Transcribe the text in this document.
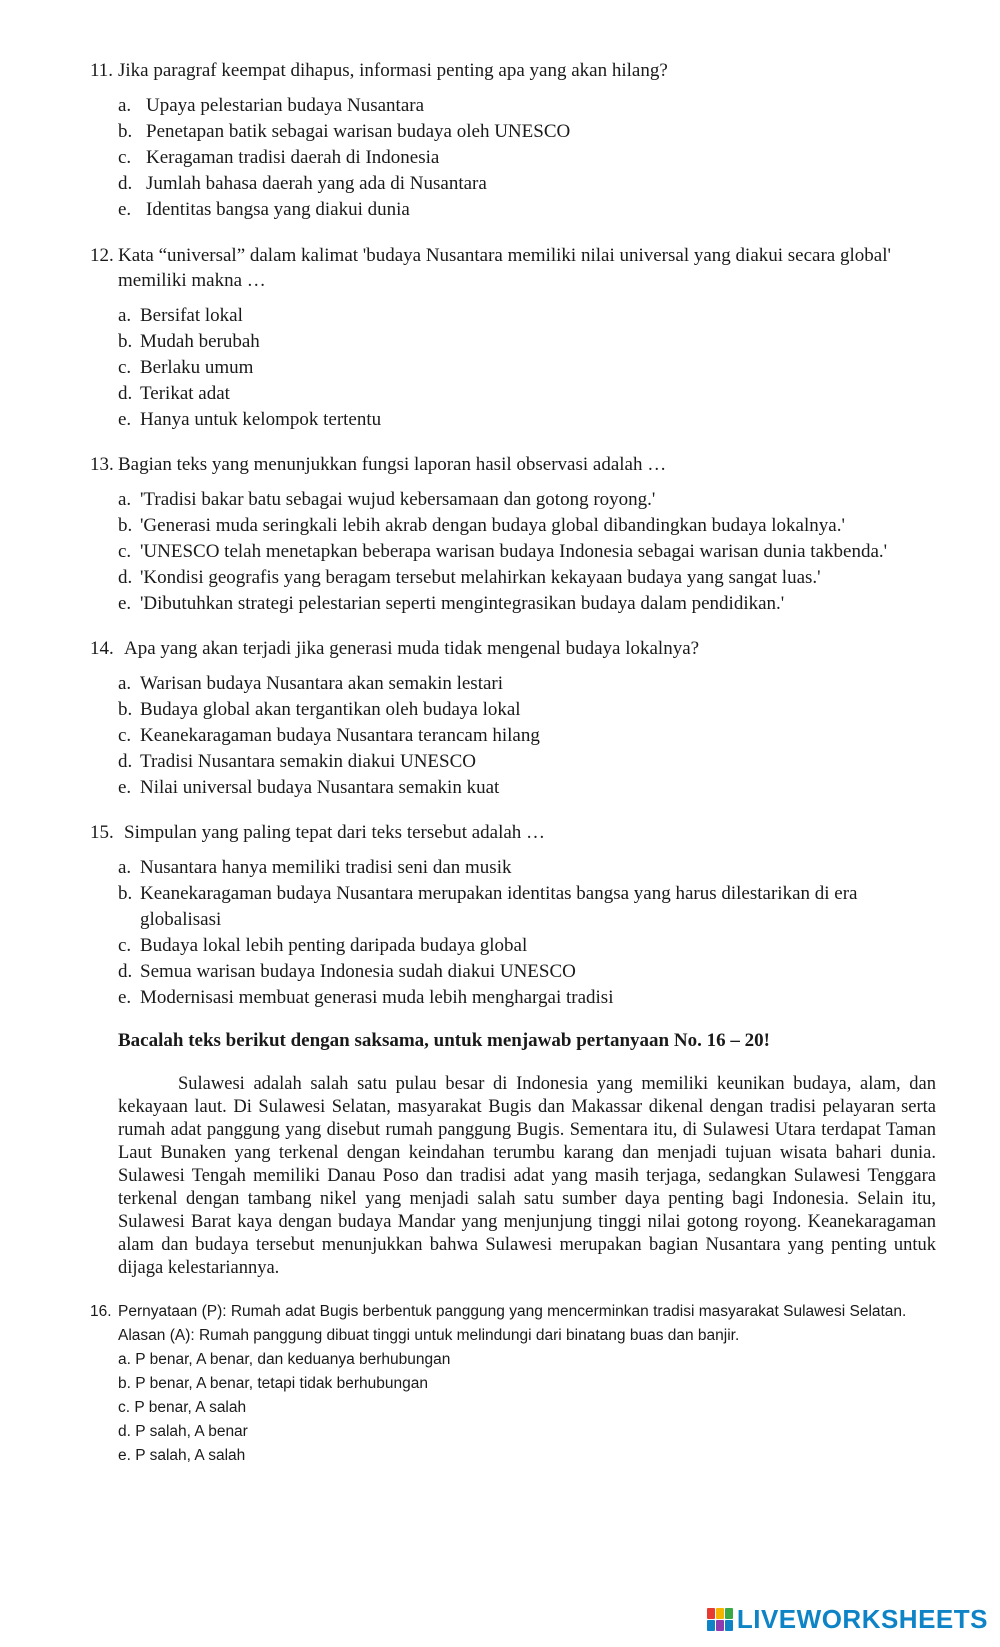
11. Jika paragraf keempat dihapus, informasi penting apa yang akan hilang?
a. Upaya pelestarian budaya Nusantara
b. Penetapan batik sebagai warisan budaya oleh UNESCO
c. Keragaman tradisi daerah di Indonesia
d. Jumlah bahasa daerah yang ada di Nusantara
e. Identitas bangsa yang diakui dunia
12. Kata “universal” dalam kalimat 'budaya Nusantara memiliki nilai universal yang diakui secara global' memiliki makna …
a. Bersifat lokal
b. Mudah berubah
c. Berlaku umum
d. Terikat adat
e. Hanya untuk kelompok tertentu
13. Bagian teks yang menunjukkan fungsi laporan hasil observasi adalah …
a. 'Tradisi bakar batu sebagai wujud kebersamaan dan gotong royong.'
b. 'Generasi muda seringkali lebih akrab dengan budaya global dibandingkan budaya lokalnya.'
c. 'UNESCO telah menetapkan beberapa warisan budaya Indonesia sebagai warisan dunia takbenda.'
d. 'Kondisi geografis yang beragam tersebut melahirkan kekayaan budaya yang sangat luas.'
e. 'Dibutuhkan strategi pelestarian seperti mengintegrasikan budaya dalam pendidikan.'
14. Apa yang akan terjadi jika generasi muda tidak mengenal budaya lokalnya?
a. Warisan budaya Nusantara akan semakin lestari
b. Budaya global akan tergantikan oleh budaya lokal
c. Keanekaragaman budaya Nusantara terancam hilang
d. Tradisi Nusantara semakin diakui UNESCO
e. Nilai universal budaya Nusantara semakin kuat
15. Simpulan yang paling tepat dari teks tersebut adalah …
a. Nusantara hanya memiliki tradisi seni dan musik
b. Keanekaragaman budaya Nusantara merupakan identitas bangsa yang harus dilestarikan di era globalisasi
c. Budaya lokal lebih penting daripada budaya global
d. Semua warisan budaya Indonesia sudah diakui UNESCO
e. Modernisasi membuat generasi muda lebih menghargai tradisi
Bacalah teks berikut dengan saksama, untuk menjawab pertanyaan No. 16 – 20!
Sulawesi adalah salah satu pulau besar di Indonesia yang memiliki keunikan budaya, alam, dan kekayaan laut. Di Sulawesi Selatan, masyarakat Bugis dan Makassar dikenal dengan tradisi pelayaran serta rumah adat panggung yang disebut rumah panggung Bugis. Sementara itu, di Sulawesi Utara terdapat Taman Laut Bunaken yang terkenal dengan keindahan terumbu karang dan menjadi tujuan wisata bahari dunia. Sulawesi Tengah memiliki Danau Poso dan tradisi adat yang masih terjaga, sedangkan Sulawesi Tenggara terkenal dengan tambang nikel yang menjadi salah satu sumber daya penting bagi Indonesia. Selain itu, Sulawesi Barat kaya dengan budaya Mandar yang menjunjung tinggi nilai gotong royong. Keanekaragaman alam dan budaya tersebut menunjukkan bahwa Sulawesi merupakan bagian Nusantara yang penting untuk dijaga kelestariannya.
16. Pernyataan (P): Rumah adat Bugis berbentuk panggung yang mencerminkan tradisi masyarakat Sulawesi Selatan.
Alasan (A): Rumah panggung dibuat tinggi untuk melindungi dari binatang buas dan banjir.
a. P benar, A benar, dan keduanya berhubungan
b. P benar, A benar, tetapi tidak berhubungan
c. P benar, A salah
d. P salah, A benar
e. P salah, A salah
LIVEWORKSHEETS
